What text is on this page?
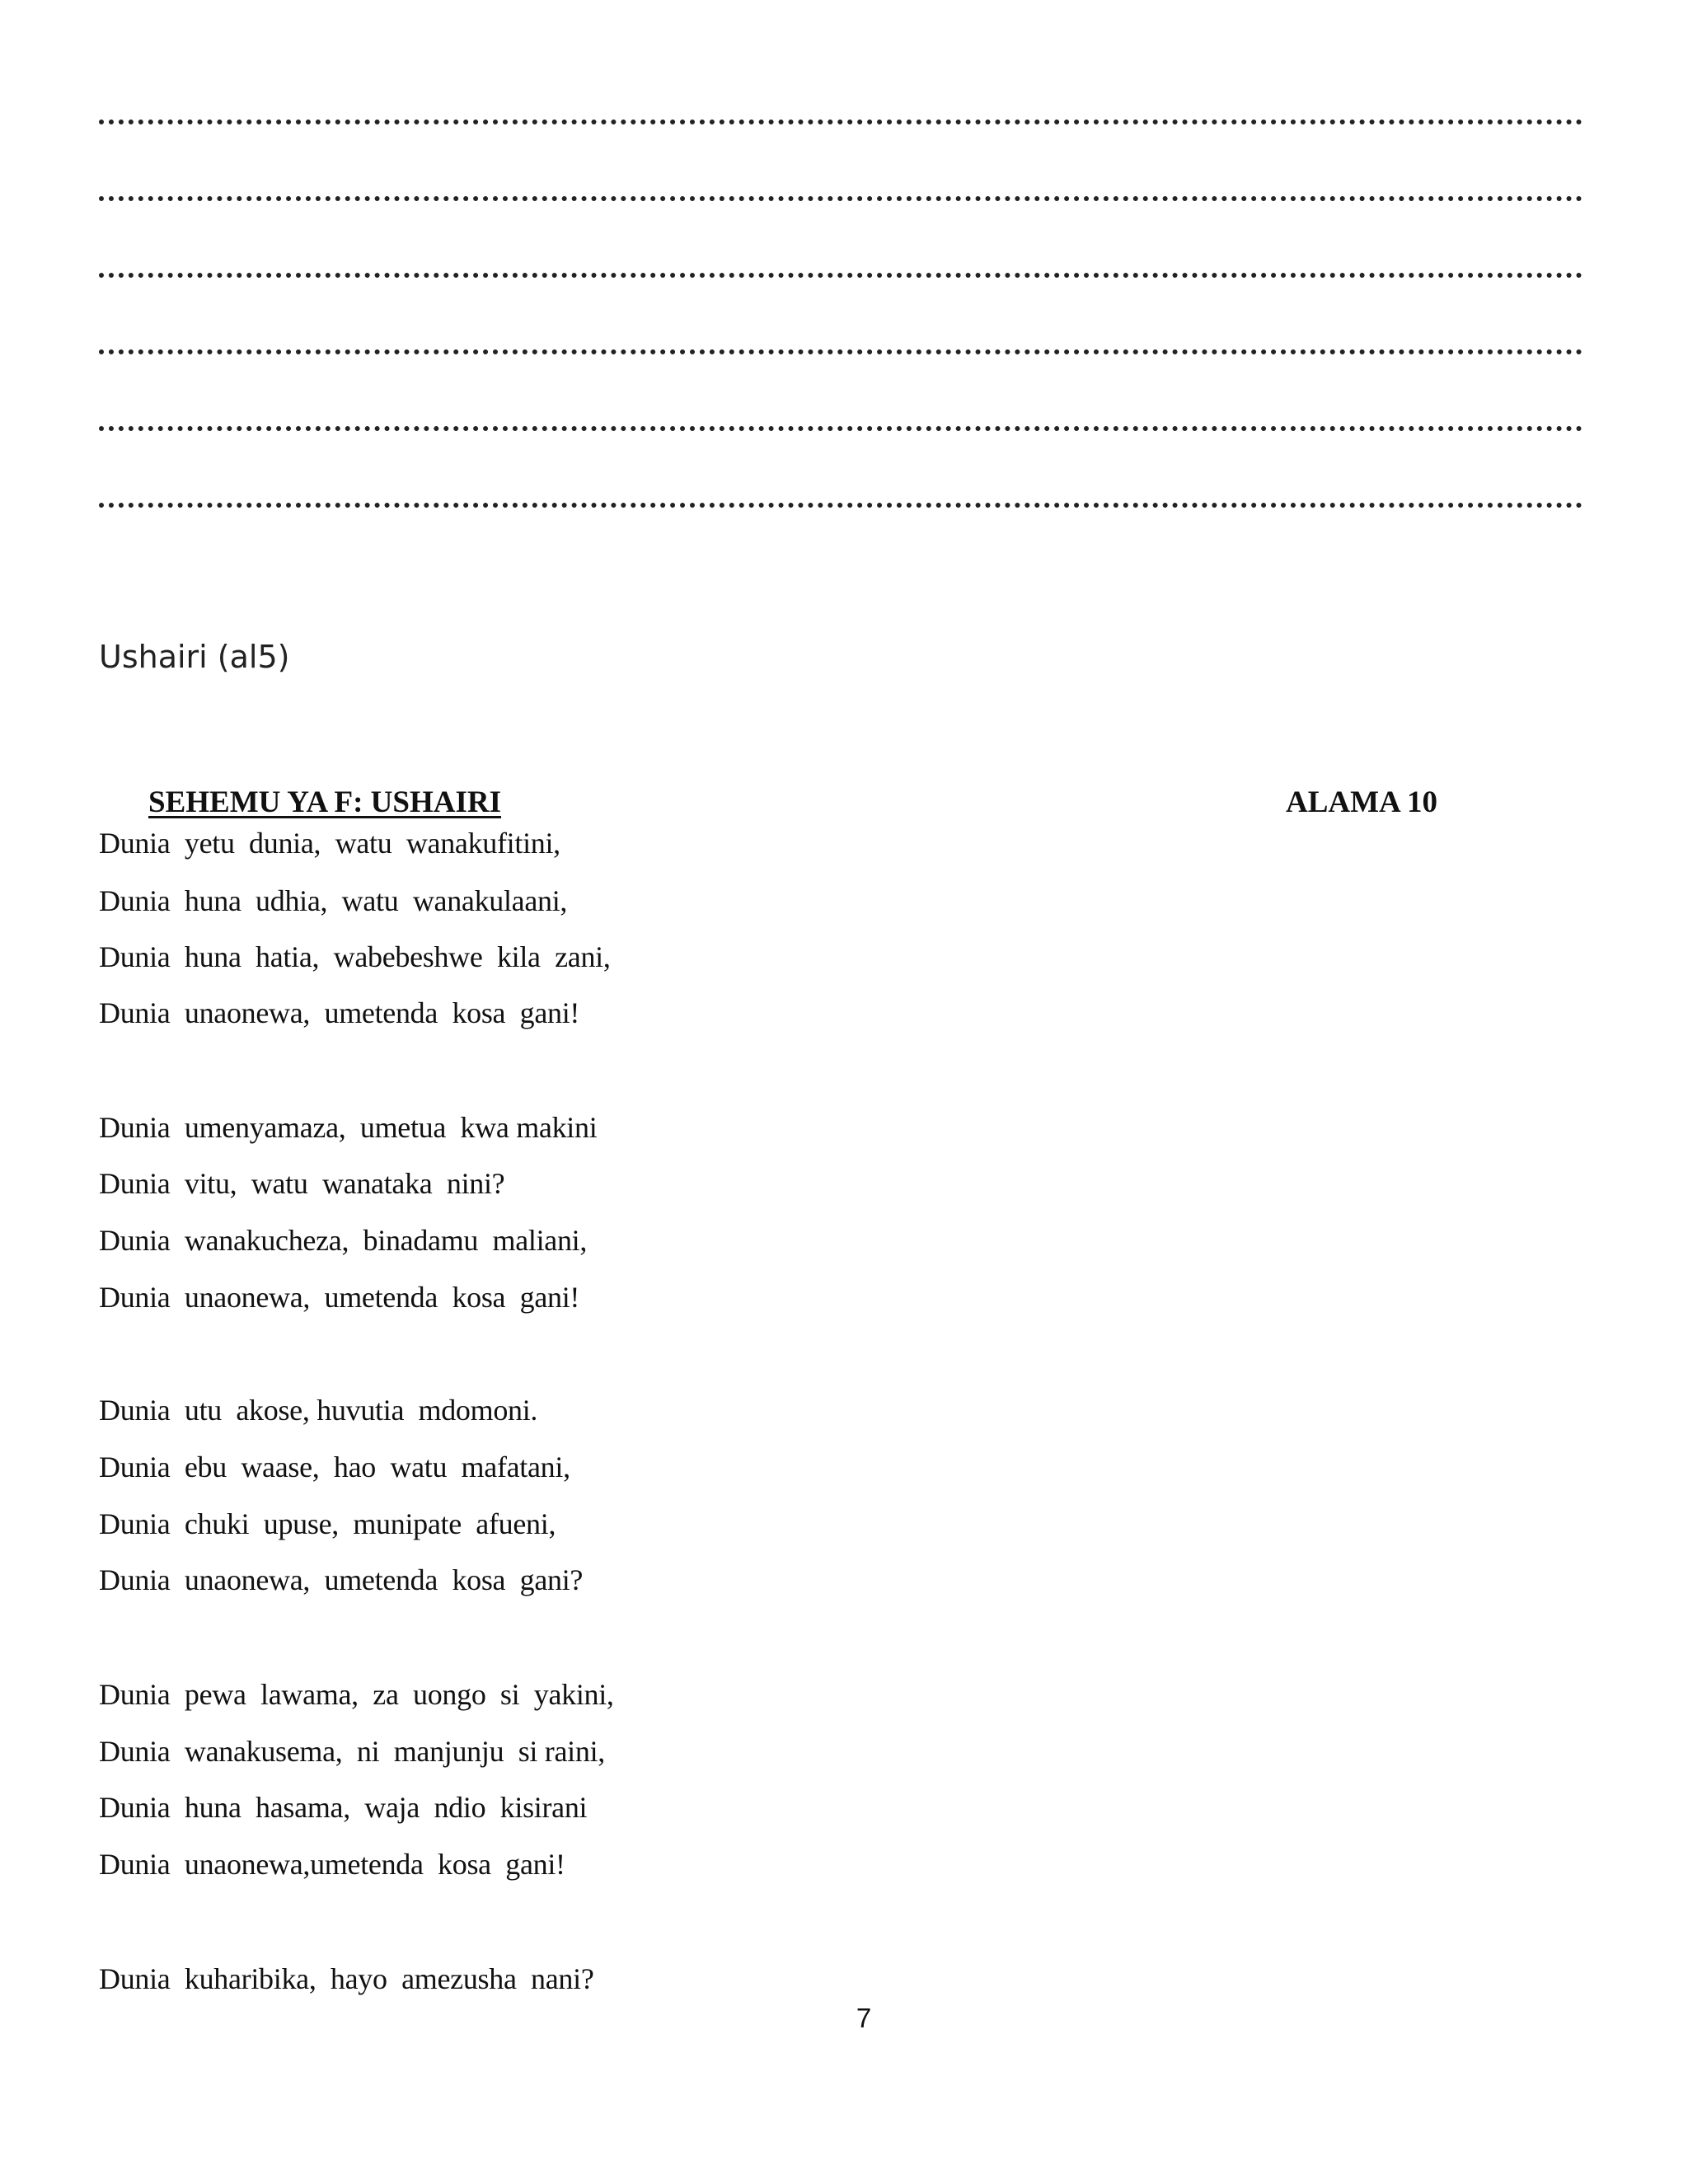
Ushairi (al5)
SEHEMU YA F: USHAIRI	ALAMA 10
Dunia  yetu  dunia,  watu  wanakufitini,
Dunia  huna  udhia,  watu  wanakulaani,
Dunia  huna  hatia,  wabebeshwe  kila  zani,
Dunia  unaonewa,  umetenda  kosa  gani!
Dunia  umenyamaza,  umetua  kwa makini
Dunia  vitu,  watu  wanataka  nini?
Dunia  wanakucheza,  binadamu  maliani,
Dunia  unaonewa,  umetenda  kosa  gani!
Dunia  utu  akose, huvutia  mdomoni.
Dunia  ebu  waase,  hao  watu  mafatani,
Dunia  chuki  upuse,  munipate  afueni,
Dunia  unaonewa,  umetenda  kosa  gani?
Dunia  pewa  lawama,  za  uongo  si  yakini,
Dunia  wanakusema,  ni  manjunju  si raini,
Dunia  huna  hasama,  waja  ndio  kisirani
Dunia  unaonewa,umetenda  kosa  gani!
Dunia  kuharibika,  hayo  amezusha  nani?
7
